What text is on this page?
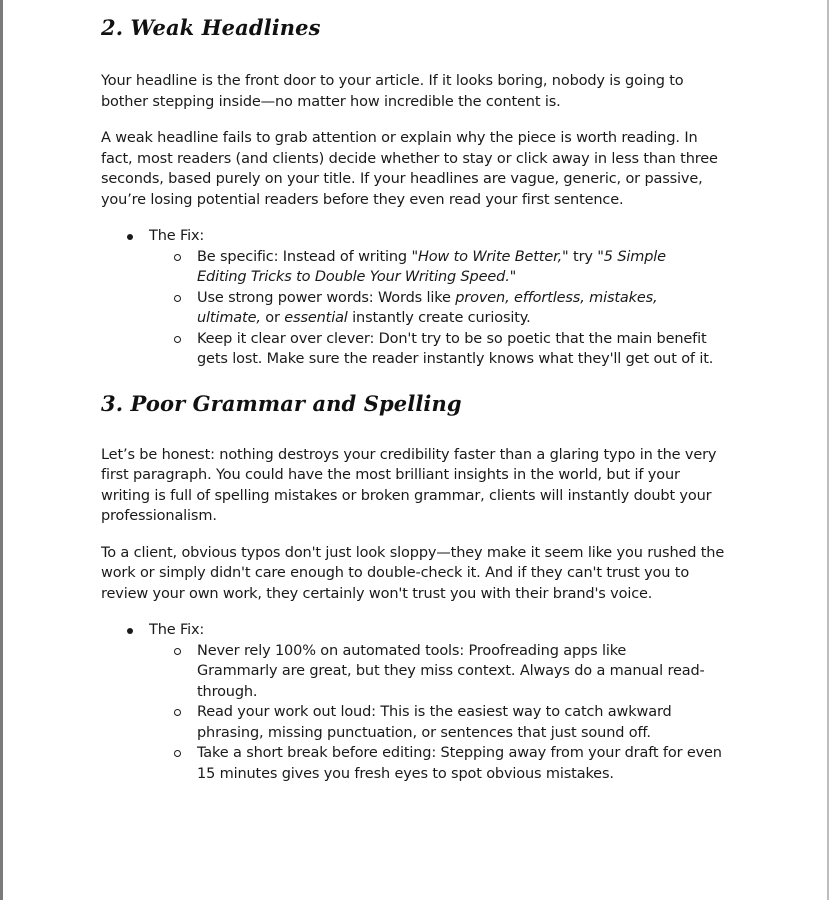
2. Weak Headlines

Your headline is the front door to your article. If it looks boring, nobody is going to bother stepping inside—no matter how incredible the content is.

A weak headline fails to grab attention or explain why the piece is worth reading. In fact, most readers (and clients) decide whether to stay or click away in less than three seconds, based purely on your title. If your headlines are vague, generic, or passive, you’re losing potential readers before they even read your first sentence.

The Fix:
Be specific: Instead of writing "How to Write Better," try "5 Simple Editing Tricks to Double Your Writing Speed."
Use strong power words: Words like proven, effortless, mistakes, ultimate, or essential instantly create curiosity.
Keep it clear over clever: Don't try to be so poetic that the main benefit gets lost. Make sure the reader instantly knows what they'll get out of it.
3. Poor Grammar and Spelling

Let’s be honest: nothing destroys your credibility faster than a glaring typo in the very first paragraph. You could have the most brilliant insights in the world, but if your writing is full of spelling mistakes or broken grammar, clients will instantly doubt your professionalism.

To a client, obvious typos don't just look sloppy—they make it seem like you rushed the work or simply didn't care enough to double-check it. And if they can't trust you to review your own work, they certainly won't trust you with their brand's voice.

The Fix:
Never rely 100% on automated tools: Proofreading apps like Grammarly are great, but they miss context. Always do a manual read-through.
Read your work out loud: This is the easiest way to catch awkward phrasing, missing punctuation, or sentences that just sound off.
Take a short break before editing: Stepping away from your draft for even 15 minutes gives you fresh eyes to spot obvious mistakes.
